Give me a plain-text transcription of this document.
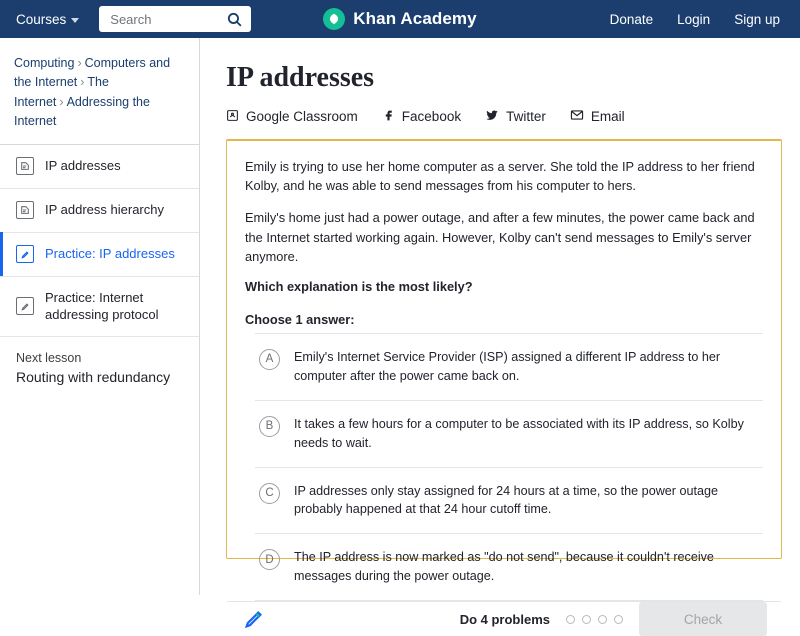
Courses
Search	Khan Academy	Donate Login Sign up
Computing › Computers and the Internet › The Internet › Addressing the Internet
IP addresses
IP address hierarchy
Practice: IP addresses
Practice: Internet addressing protocol
Next lesson
Routing with redundancy
IP addresses
Google Classroom	Facebook	Twitter	Email

Emily is trying to use her home computer as a server. She told the IP address to her friend Kolby, and he was able to send messages from his computer to hers.

Emily's home just had a power outage, and after a few minutes, the power came back and the Internet started working again. However, Kolby can't send messages to Emily's server anymore.

Which explanation is the most likely?

Choose 1 answer:

A	Emily's Internet Service Provider (ISP) assigned a different IP address to her computer after the power came back on.
B	It takes a few hours for a computer to be associated with its IP address, so Kolby needs to wait.
C	IP addresses only stay assigned for 24 hours at a time, so the power outage probably happened at that 24 hour cutoff time.
D	The IP address is now marked as "do not send", because it couldn't receive messages during the power outage.
Do 4 problems	Check
